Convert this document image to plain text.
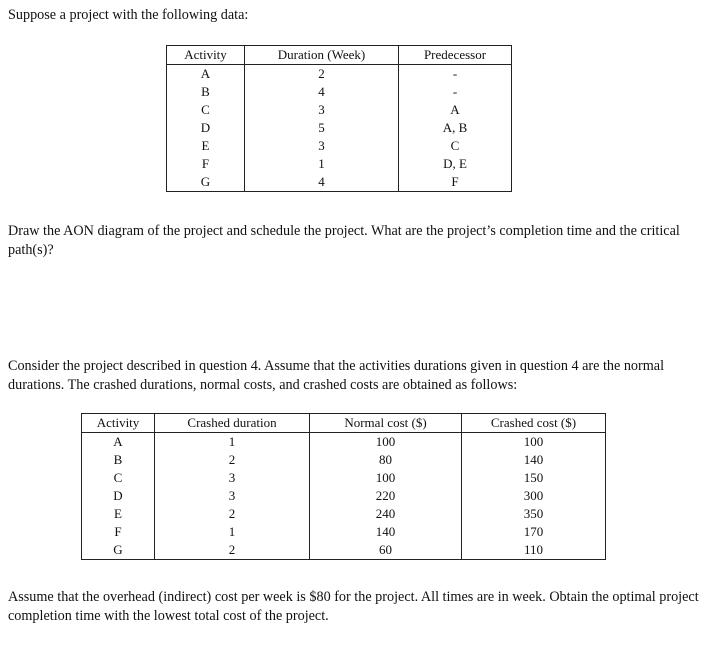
Suppose a project with the following data:

Activity	Duration (Week)	Predecessor
A	2	-
B	4	-
C	3	A
D	5	A, B
E	3	C
F	1	D, E
G	4	F

Draw the AON diagram of the project and schedule the project. What are the project’s completion time and the critical path(s)?

Consider the project described in question 4. Assume that the activities durations given in question 4 are the normal durations. The crashed durations, normal costs, and crashed costs are obtained as follows:

Activity	Crashed duration	Normal cost ($)	Crashed cost ($)
A	1	100	100
B	2	80	140
C	3	100	150
D	3	220	300
E	2	240	350
F	1	140	170
G	2	60	110

Assume that the overhead (indirect) cost per week is $80 for the project. All times are in week. Obtain the optimal project completion time with the lowest total cost of the project.
